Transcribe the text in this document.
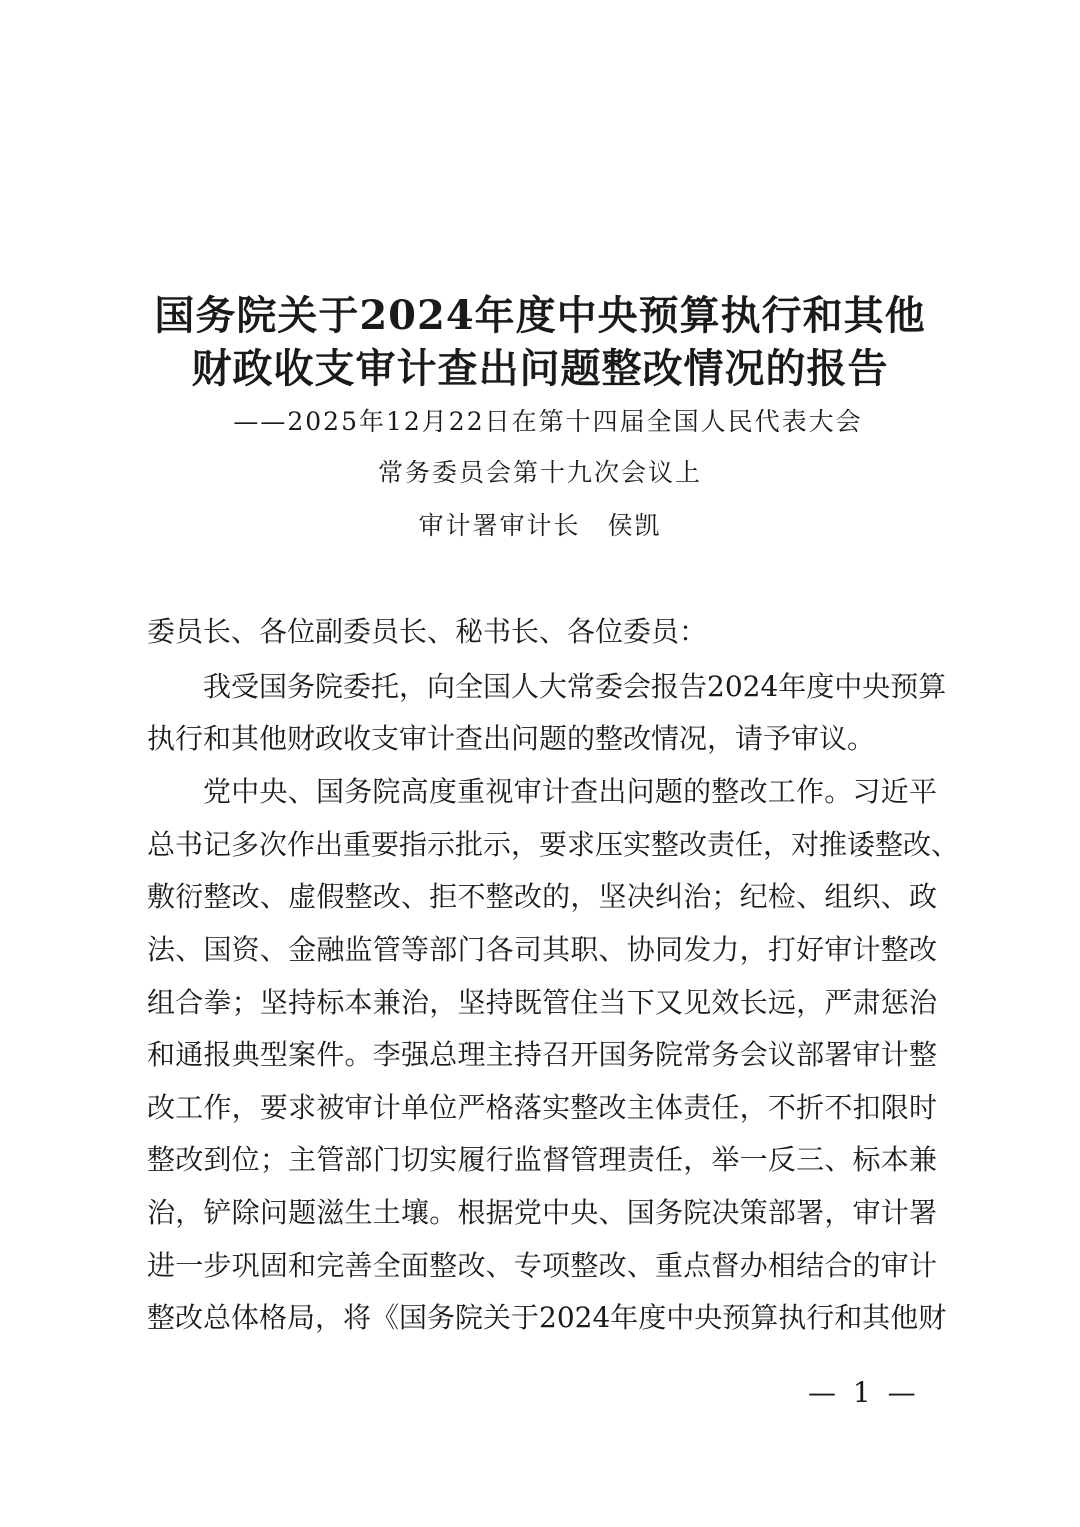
国务院关于2024年度中央预算执行和其他
财政收支审计查出问题整改情况的报告
——2025年12月22日在第十四届全国人民代表大会
常务委员会第十九次会议上
审计署审计长　侯凯
委员长、各位副委员长、秘书长、各位委员：
我受国务院委托，向全国人大常委会报告2024年度中央预算
执行和其他财政收支审计查出问题的整改情况，请予审议。
党中央、国务院高度重视审计查出问题的整改工作。习近平
总书记多次作出重要指示批示，要求压实整改责任，对推诿整改、
敷衍整改、虚假整改、拒不整改的，坚决纠治；纪检、组织、政
法、国资、金融监管等部门各司其职、协同发力，打好审计整改
组合拳；坚持标本兼治，坚持既管住当下又见效长远，严肃惩治
和通报典型案件。李强总理主持召开国务院常务会议部署审计整
改工作，要求被审计单位严格落实整改主体责任，不折不扣限时
整改到位；主管部门切实履行监督管理责任，举一反三、标本兼
治，铲除问题滋生土壤。根据党中央、国务院决策部署，审计署
进一步巩固和完善全面整改、专项整改、重点督办相结合的审计
整改总体格局，将《国务院关于2024年度中央预算执行和其他财
— 1 —
